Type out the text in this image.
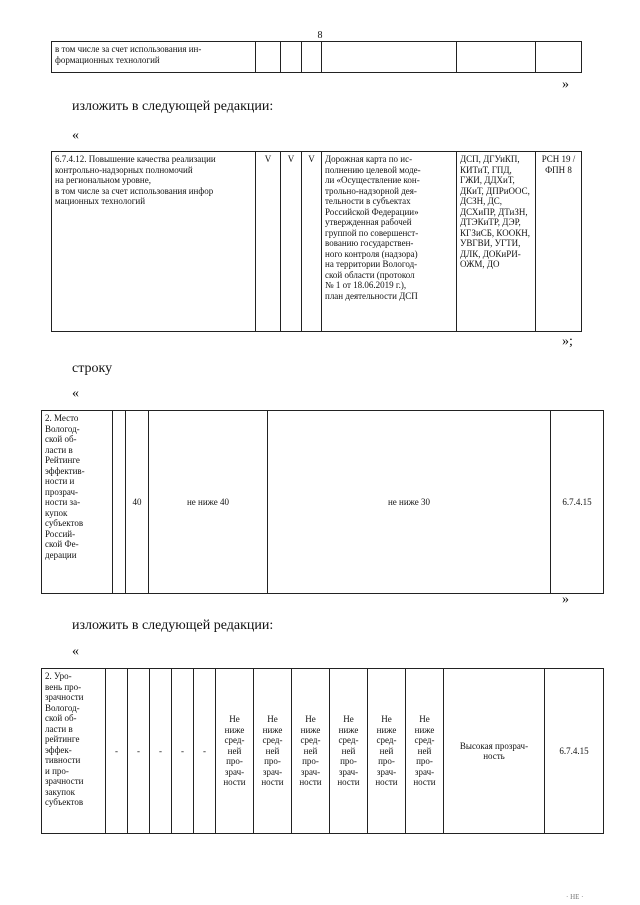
8
в том числе за счет использования ин-
формационных технологий						
»
изложить в следующей редакции:
«
6.7.4.12. Повышение качества реализации
контрольно-надзорных полномочий
на региональном уровне,
в том числе за счет использования инфор
мационных технологий	V	V	V	Дорожная карта по ис-
полнению целевой моде-
ли «Осуществление кон-
трольно-надзорной дея-
тельности в субъектах
Российской Федерации»
утвержденная рабочей
группой по совершенст-
вованию государствен-
ного контроля (надзора)
на территории Вологод-
ской области (протокол
№ 1 от 18.06.2019 г.),
план деятельности ДСП	ДСП, ДГУиКП,
КИТиТ, ГПД,
ГЖИ, ДДХиТ,
ДКиТ, ДПРиООС,
ДСЗН, ДС,
ДСХиПР, ДТиЗН,
ДТЭКиТР, ДЭР,
КГЗиСБ, КООКН,
УВГВИ, УГТИ,
ДЛК, ДОКиРИ-
ОЖМ, ДО	РСН 19 /
ФПН 8
»;
строку
«
2. Место
Вологод-
ской об-
ласти в
Рейтинге
эффектив-
ности и
прозрач-
ности за-
купок
субъектов
Россий-
ской Фе-
дерации		40	не ниже 40	не ниже 30	6.7.4.15
»
изложить в следующей редакции:
«
2. Уро-
вень про-
зрачности
Вологод-
ской об-
ласти в
рейтинге
эффек-
тивности
и про-
зрачности
закупок
субъектов	-	-	-	-	-	Не
ниже
сред-
ней
про-
зрач-
ности	Не
ниже
сред-
ней
про-
зрач-
ности	Не
ниже
сред-
ней
про-
зрач-
ности	Не
ниже
сред-
ней
про-
зрач-
ности	Не
ниже
сред-
ней
про-
зрач-
ности	Не
ниже
сред-
ней
про-
зрач-
ности	Высокая прозрач-
ность	6.7.4.15
· НЕ ·
